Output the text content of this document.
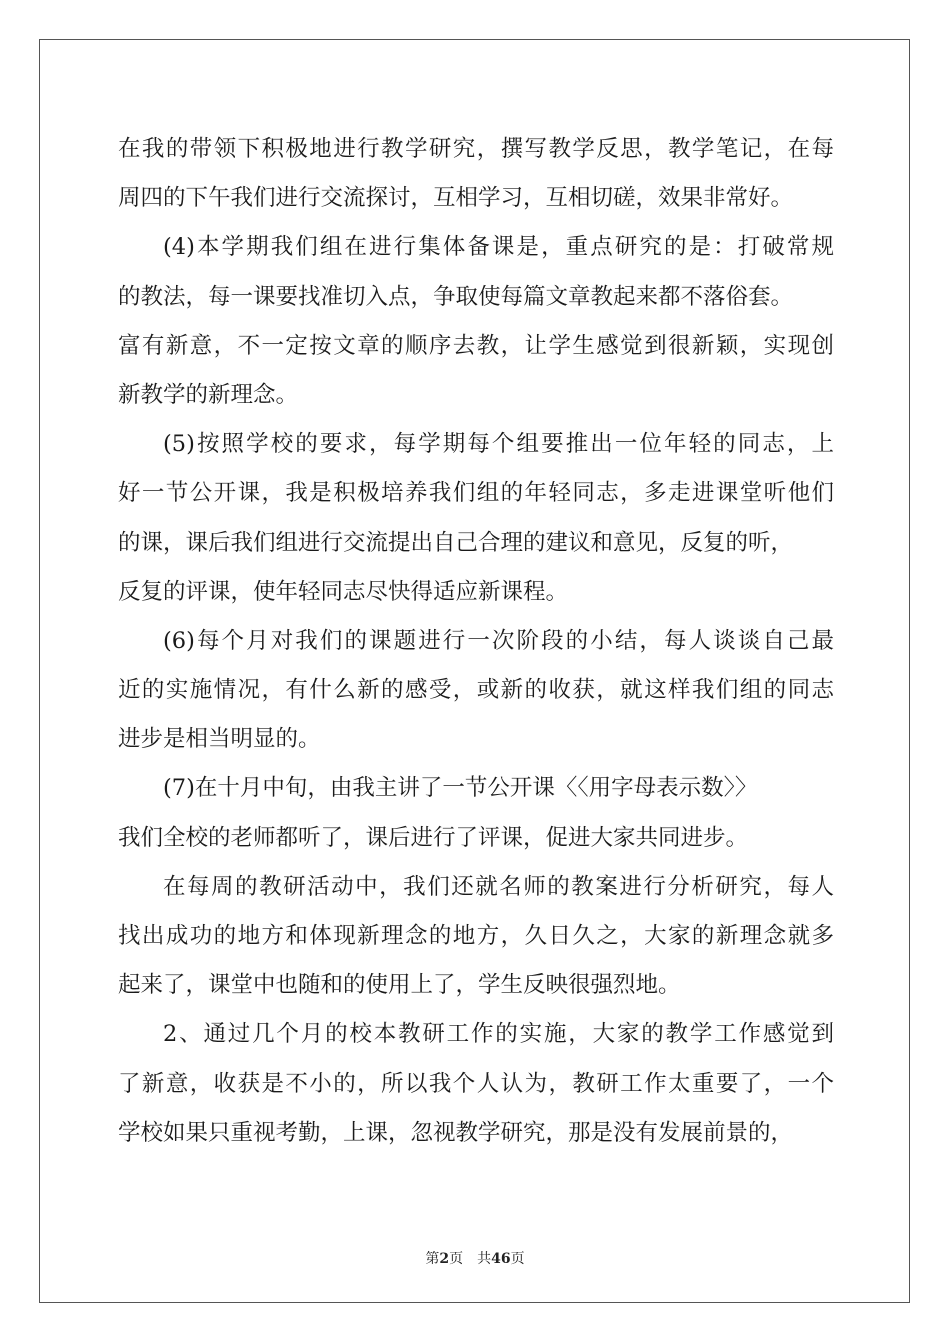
在我的带领下积极地进行教学研究，撰写教学反思，教学笔记，在每
周四的下午我们进行交流探讨，互相学习，互相切磋，效果非常好。
(4)本学期我们组在进行集体备课是，重点研究的是：打破常规
的教法，每一课要找准切入点，争取使每篇文章教起来都不落俗套。
富有新意，不一定按文章的顺序去教，让学生感觉到很新颖，实现创
新教学的新理念。
(5)按照学校的要求，每学期每个组要推出一位年轻的同志，上
好一节公开课，我是积极培养我们组的年轻同志，多走进课堂听他们
的课，课后我们组进行交流提出自己合理的建议和意见，反复的听，
反复的评课，使年轻同志尽快得适应新课程。
(6)每个月对我们的课题进行一次阶段的小结，每人谈谈自己最
近的实施情况，有什么新的感受，或新的收获，就这样我们组的同志
进步是相当明显的。
(7)在十月中旬，由我主讲了一节公开课〈〈用字母表示数〉〉
我们全校的老师都听了，课后进行了评课，促进大家共同进步。
在每周的教研活动中，我们还就名师的教案进行分析研究，每人
找出成功的地方和体现新理念的地方，久日久之，大家的新理念就多
起来了，课堂中也随和的使用上了，学生反映很强烈地。
2、通过几个月的校本教研工作的实施，大家的教学工作感觉到
了新意，收获是不小的，所以我个人认为，教研工作太重要了，一个
学校如果只重视考勤，上课，忽视教学研究，那是没有发展前景的，
第2页 共46页
